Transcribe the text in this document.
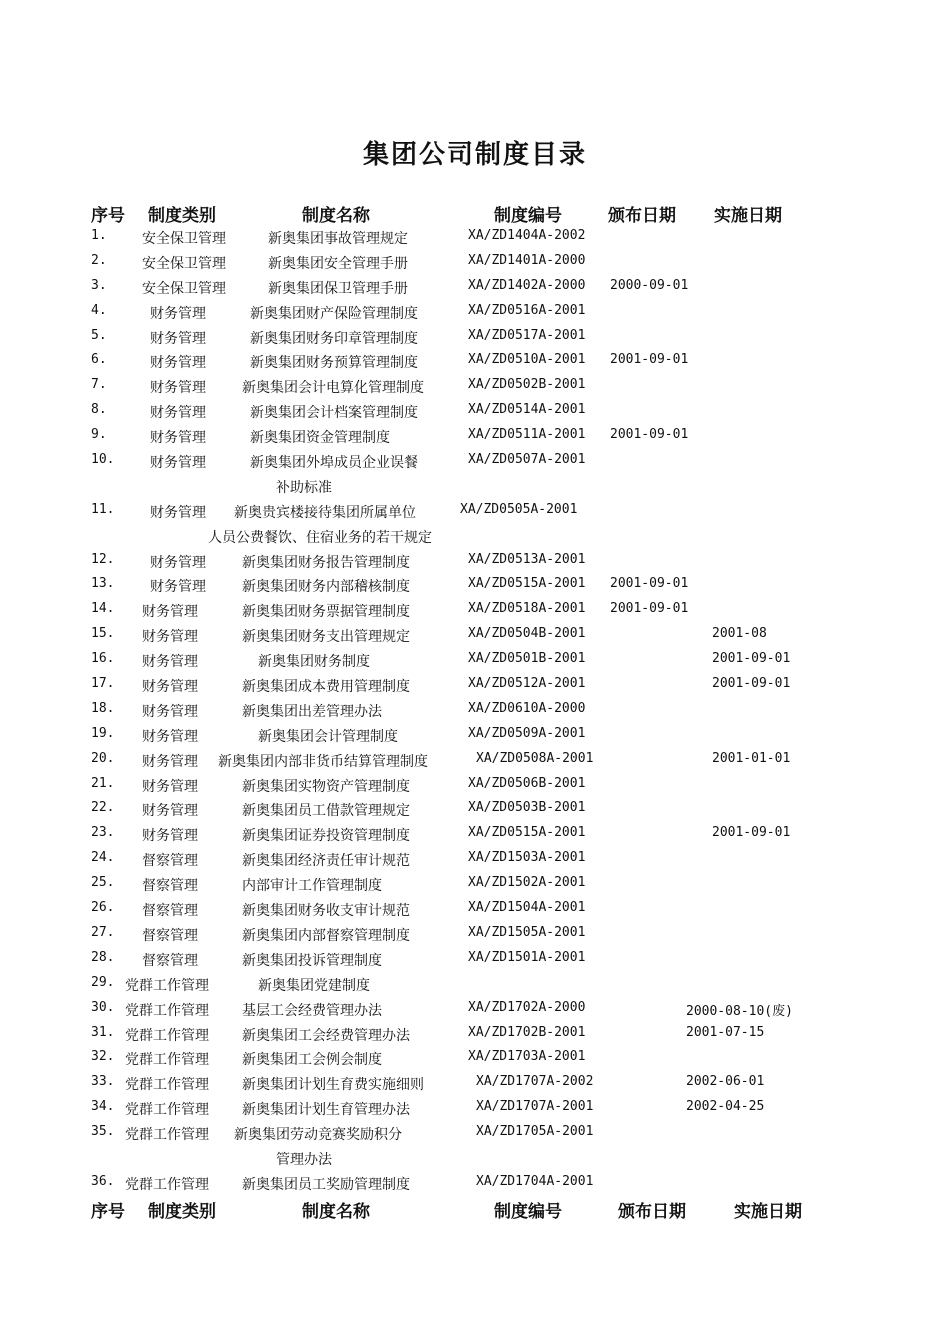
集团公司制度目录
序号 制度类别	制度名称	制度编号	颁布日期 实施日期
1.	安全保卫管理	新奥集团事故管理规定	XA/ZD1404A-2002
2.	安全保卫管理	新奥集团安全管理手册	XA/ZD1401A-2000
3.	安全保卫管理	新奥集团保卫管理手册	XA/ZD1402A-2000 2000-09-01
4.	财务管理	新奥集团财产保险管理制度	XA/ZD0516A-2001
5.	财务管理	新奥集团财务印章管理制度	XA/ZD0517A-2001
6.	财务管理	新奥集团财务预算管理制度	XA/ZD0510A-2001 2001-09-01
7.	财务管理	新奥集团会计电算化管理制度	XA/ZD0502B-2001
8.	财务管理	新奥集团会计档案管理制度	XA/ZD0514A-2001
9.	财务管理	新奥集团资金管理制度	XA/ZD0511A-2001 2001-09-01
10.	财务管理	新奥集团外埠成员企业误餐	XA/ZD0507A-2001
补助标准
11.	财务管理 新奥贵宾楼接待集团所属单位	XA/ZD0505A-2001
人员公费餐饮、住宿业务的若干规定
12.	财务管理	新奥集团财务报告管理制度	XA/ZD0513A-2001
13.	财务管理	新奥集团财务内部稽核制度	XA/ZD0515A-2001 2001-09-01
14. 财务管理	新奥集团财务票据管理制度	XA/ZD0518A-2001 2001-09-01
15. 财务管理	新奥集团财务支出管理规定	XA/ZD0504B-2001	2001-08
16. 财务管理	新奥集团财务制度	XA/ZD0501B-2001	2001-09-01
17. 财务管理	新奥集团成本费用管理制度	XA/ZD0512A-2001	2001-09-01
18. 财务管理	新奥集团出差管理办法	XA/ZD0610A-2000
19. 财务管理	新奥集团会计管理制度	XA/ZD0509A-2001
20. 财务管理 新奥集团内部非货币结算管理制度	XA/ZD0508A-2001	2001-01-01
21. 财务管理	新奥集团实物资产管理制度	XA/ZD0506B-2001
22. 财务管理	新奥集团员工借款管理规定	XA/ZD0503B-2001
23. 财务管理	新奥集团证券投资管理制度	XA/ZD0515A-2001	2001-09-01
24. 督察管理	新奥集团经济责任审计规范	XA/ZD1503A-2001
25. 督察管理	内部审计工作管理制度	XA/ZD1502A-2001
26. 督察管理	新奥集团财务收支审计规范	XA/ZD1504A-2001
27. 督察管理	新奥集团内部督察管理制度	XA/ZD1505A-2001
28. 督察管理	新奥集团投诉管理制度	XA/ZD1501A-2001
29. 党群工作管理	新奥集团党建制度
30. 党群工作管理 基层工会经费管理办法	XA/ZD1702A-2000	2000-08-10(废)
31. 党群工作管理 新奥集团工会经费管理办法	XA/ZD1702B-2001	2001-07-15
32. 党群工作管理 新奥集团工会例会制度	XA/ZD1703A-2001
33. 党群工作管理 新奥集团计划生育费实施细则	XA/ZD1707A-2002	2002-06-01
34. 党群工作管理 新奥集团计划生育管理办法	XA/ZD1707A-2001	2002-04-25
35. 党群工作管理 新奥集团劳动竞赛奖励积分	XA/ZD1705A-2001
管理办法
36. 党群工作管理 新奥集团员工奖励管理制度	XA/ZD1704A-2001
序号 制度类别	制度名称	制度编号	颁布日期	实施日期
